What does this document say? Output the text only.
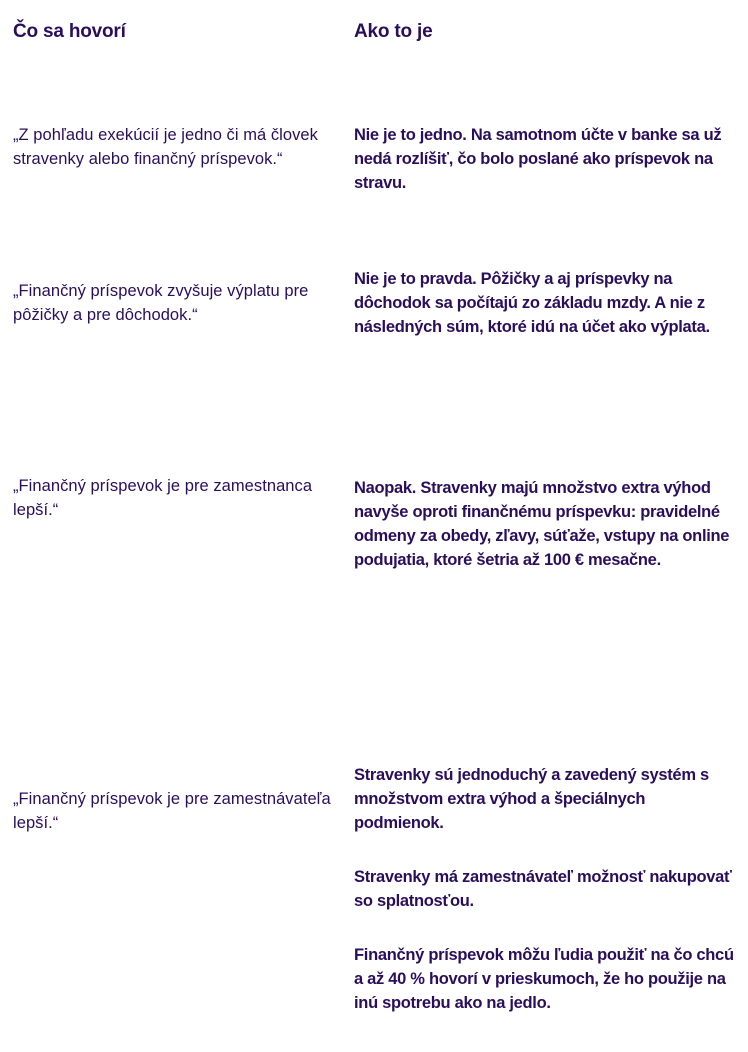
Čo sa hovorí	Ako to je
„Z pohľadu exekúcií je jedno či má človek stravenky alebo finančný príspevok.“

Nie je to jedno. Na samotnom účte v banke sa už nedá rozlíšiť, čo bolo poslané ako príspevok na stravu.

„Finančný príspevok zvyšuje výplatu pre pôžičky a pre dôchodok.“

Nie je to pravda. Pôžičky a aj príspevky na dôchodok sa počítajú zo základu mzdy. A nie z následných súm, ktoré idú na účet ako výplata.

„Finančný príspevok je pre zamestnanca lepší.“

Naopak. Stravenky majú množstvo extra výhod navyše oproti finančnému príspevku: pravidelné odmeny za obedy, zľavy, súťaže, vstupy na online podujatia, ktoré šetria až 100 € mesačne.

„Finančný príspevok je pre zamestnávateľa lepší.“

Stravenky sú jednoduchý a zavedený systém s množstvom extra výhod a špeciálnych podmienok.

Stravenky má zamestnávateľ možnosť nakupovať so splatnosťou.

Finančný príspevok môžu ľudia použiť na čo chcú a až 40 % hovorí v prieskumoch, že ho použije na inú spotrebu ako na jedlo.
